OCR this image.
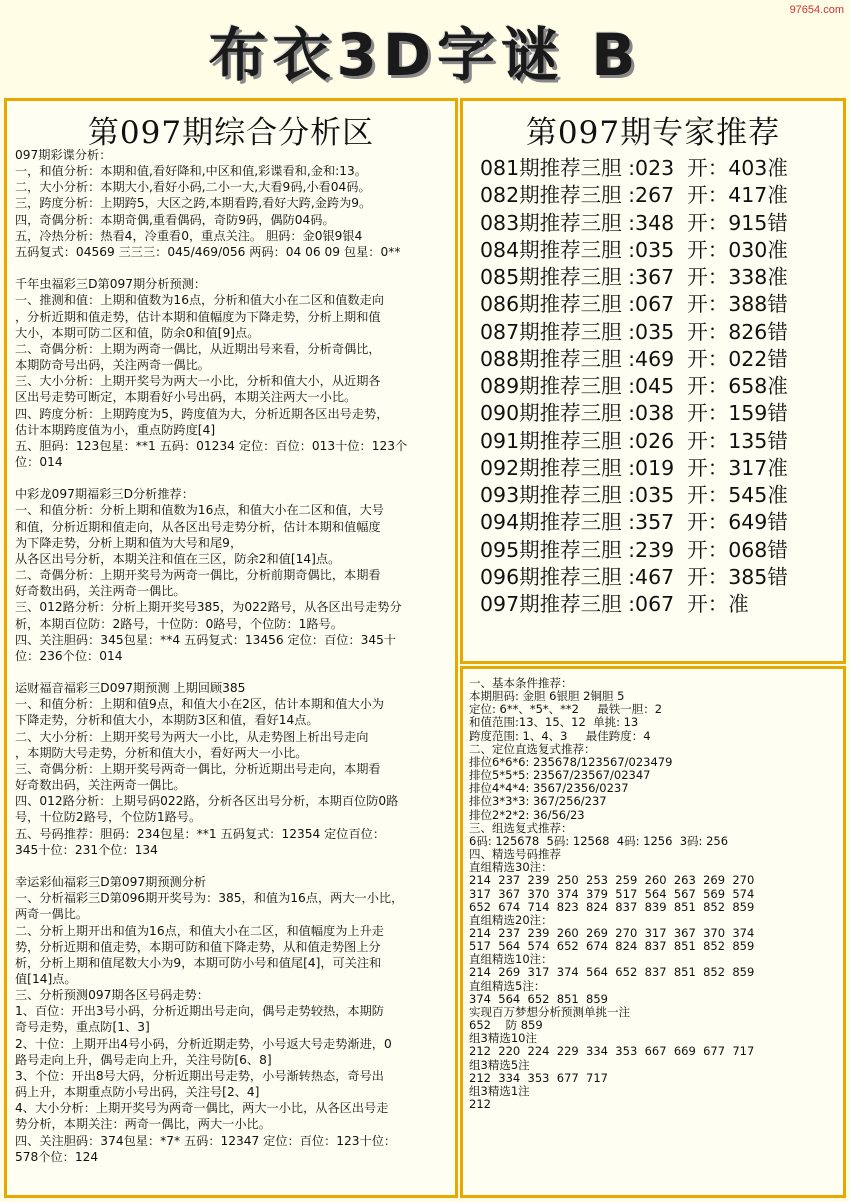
97654.com
布衣3D字谜 B
第097期综合分析区
097期彩谍分析：
一，和值分析：本期和值,看好降和,中区和值,彩谍看和,金和:13。
二，大小分析：本期大小,看好小码,二小一大,大看9码,小看04码。
三，跨度分析：上期跨5，大区之跨,本期看跨,看好大跨,金跨为9。
四，奇偶分析：本期奇偶,重看偶码，奇防9码，偶防04码。
五，冷热分析：热看4，冷重看0，重点关注。 胆码：金0银9银4
五码复式：04569 三三三：045/469/056 两码：04 06 09 包星：0**

千年虫福彩三D第097期分析预测：
一、推测和值：上期和值数为16点，分析和值大小在二区和值数走向
，分析近期和值走势，估计本期和值幅度为下降走势，分析上期和值
大小，本期可防二区和值，防余0和值[9]点。
二、奇偶分析：上期为两奇一偶比，从近期出号来看，分析奇偶比，
本期防奇号出码，关注两奇一偶比。
三、大小分析：上期开奖号为两大一小比，分析和值大小，从近期各
区出号走势可断定，本期看好小号出码，本期关注两大一小比。
四、跨度分析：上期跨度为5，跨度值为大，分析近期各区出号走势，
估计本期跨度值为小，重点防跨度[4]
五、胆码：123包星：**1 五码：01234 定位：百位：013十位：123个
位：014

中彩龙097期福彩三D分析推荐：
一、和值分析：分析上期和值数为16点，和值大小在二区和值，大号
和值，分析近期和值走向，从各区出号走势分析，估计本期和值幅度
为下降走势，分析上期和值为大号和尾9，
从各区出号分析，本期关注和值在三区，防余2和值[14]点。
二、奇偶分析：上期开奖号为两奇一偶比，分析前期奇偶比，本期看
好奇数出码，关注两奇一偶比。
三、012路分析：分析上期开奖号385，为022路号，从各区出号走势分
析，本期百位防：2路号，十位防：0路号，个位防：1路号。
四、关注胆码：345包星：**4 五码复式：13456 定位：百位：345十
位：236个位：014

运财福音福彩三D097期预测 上期回顾385
一、和值分析：上期和值9点，和值大小在2区，估计本期和值大小为
下降走势，分析和值大小，本期防3区和值，看好14点。
二、大小分析：上期开奖号为两大一小比，从走势图上析出号走向
，本期防大号走势，分析和值大小，看好两大一小比。
三、奇偶分析：上期开奖号两奇一偶比，分析近期出号走向，本期看
好奇数出码，关注两奇一偶比。
四、012路分析：上期号码022路，分析各区出号分析，本期百位防0路
号，十位防2路号，个位防1路号。
五、号码推荐：胆码：234包星：**1 五码复式：12354 定位百位：
345十位：231个位：134

幸运彩仙福彩三D第097期预测分析
一、分析福彩三D第096期开奖号为：385，和值为16点，两大一小比，
两奇一偶比。
二、分析上期开出和值为16点，和值大小在二区，和值幅度为上升走
势，分析近期和值走势，本期可防和值下降走势，从和值走势图上分
析，分析上期和值尾数大小为9，本期可防小号和值尾[4]，可关注和
值[14]点。
三、分析预测097期各区号码走势：
1、百位：开出3号小码，分析近期出号走向，偶号走势较热，本期防
奇号走势，重点防[1、3]
2、十位：上期开出4号小码，分析近期走势，小号返大号走势渐进，0
路号走向上升，偶号走向上升，关注号防[6、8]
3、个位：开出8号大码，分析近期出号走势，小号渐转热态，奇号出
码上升，本期重点防小号出码，关注号[2、4]
4、大小分析：上期开奖号为两奇一偶比，两大一小比，从各区出号走
势分析，本期关注：两奇一偶比，两大一小比。
四、关注胆码：374包星：*7* 五码：12347 定位：百位：123十位：
578个位：124
第097期专家推荐
081期推荐三胆 :023  开：403准
082期推荐三胆 :267  开：417准
083期推荐三胆 :348  开：915错
084期推荐三胆 :035  开：030准
085期推荐三胆 :367  开：338准
086期推荐三胆 :067  开：388错
087期推荐三胆 :035  开：826错
088期推荐三胆 :469  开：022错
089期推荐三胆 :045  开：658准
090期推荐三胆 :038  开：159错
091期推荐三胆 :026  开：135错
092期推荐三胆 :019  开：317准
093期推荐三胆 :035  开：545准
094期推荐三胆 :357  开：649错
095期推荐三胆 :239  开：068错
096期推荐三胆 :467  开：385错
097期推荐三胆 :067  开：准
一、基本条件推荐：
本期胆码: 金胆 6银胆 2铜胆 5
定位: 6**、*5*、**2     最铁一胆：2
和值范围:13、15、12  单挑: 13
跨度范围: 1、4、3     最佳跨度：4
二、定位直选复式推荐：
排位6*6*6: 235678/123567/023479
排位5*5*5: 23567/23567/02347
排位4*4*4: 3567/2356/0237
排位3*3*3: 367/256/237
排位2*2*2: 36/56/23
三、组选复式推荐：
6码: 125678  5码: 12568  4码: 1256  3码: 256
四、精选号码推荐
直组精选30注：
214  237  239  250  253  259  260  263  269  270
317  367  370  374  379  517  564  567  569  574
652  674  714  823  824  837  839  851  852  859
直组精选20注：
214  237  239  260  269  270  317  367  370  374
517  564  574  652  674  824  837  851  852  859
直组精选10注：
214  269  317  374  564  652  837  851  852  859
直组精选5注：
374  564  652  851  859
实现百万梦想分析预测单挑一注
652    防 859
组3精选10注
212  220  224  229  334  353  667  669  677  717
组3精选5注
212  334  353  677  717
组3精选1注
212
